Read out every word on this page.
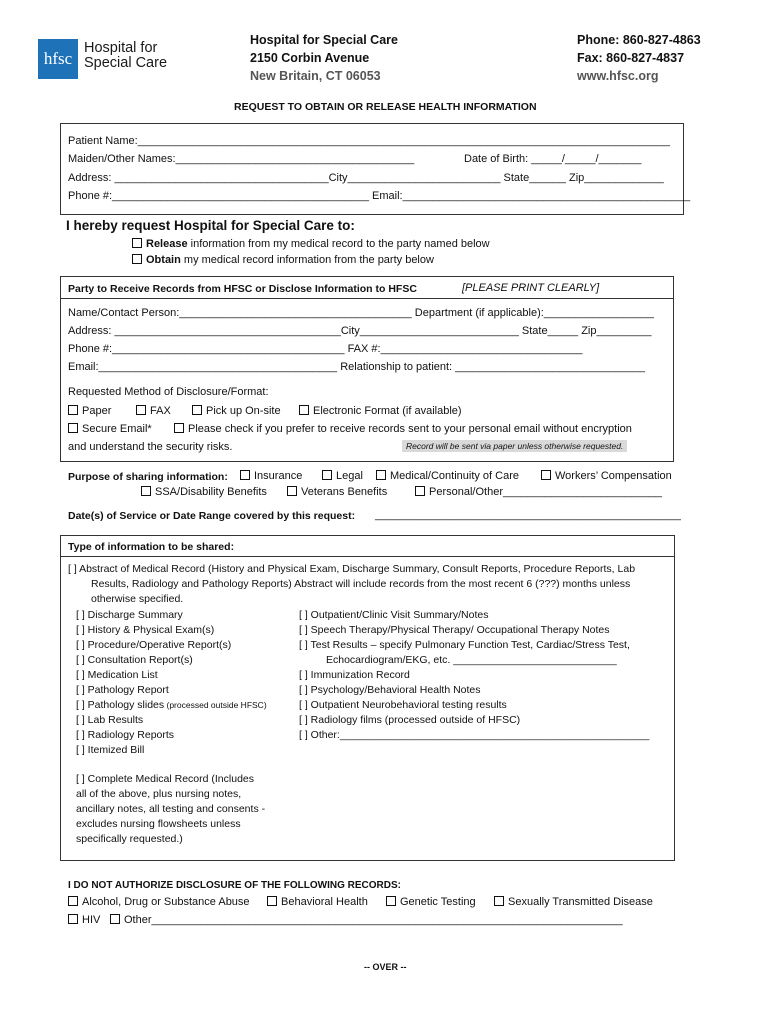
hfsc
Hospital for
Special Care
Hospital for Special Care
2150 Corbin Avenue
New Britain, CT 06053
Phone: 860-827-4863
Fax: 860-827-4837
www.hfsc.org
REQUEST TO OBTAIN OR RELEASE HEALTH INFORMATION
Patient Name:_______________________________________________________________________________________
Maiden/Other Names:_______________________________________	Date of Birth: _____/_____/_______
Address: ___________________________________City_________________________ State______ Zip_____________
Phone #:__________________________________________ Email:_______________________________________________
I hereby request Hospital for Special Care to:
Release information from my medical record to the party named below
Obtain my medical record information from the party below
Party to Receive Records from HFSC or Disclose Information to HFSC	[PLEASE PRINT CLEARLY]
Name/Contact Person:______________________________________ Department (if applicable):__________________
Address: _____________________________________City__________________________ State_____ Zip_________
Phone #:______________________________________ FAX #:_________________________________
Email:_______________________________________ Relationship to patient: _______________________________
Requested Method of Disclosure/Format:
Paper	FAX	Pick up On-site	Electronic Format (if available)
Secure Email*	Please check if you prefer to receive records sent to your personal email without encryption
and understand the security risks.	Record will be sent via paper unless otherwise requested.
Purpose of sharing information:	Insurance	Legal	Medical/Continuity of Care	Workers’ Compensation
SSA/Disability Benefits	Veterans Benefits	Personal/Other__________________________
Date(s) of Service or Date Range covered by this request: __________________________________________________
Type of information to be shared:
[ ] Abstract of Medical Record (History and Physical Exam, Discharge Summary, Consult Reports, Procedure Reports, Lab
Results, Radiology and Pathology Reports) Abstract will include records from the most recent 6 (???) months unless
otherwise specified.
[ ] Discharge Summary
[ ] History & Physical Exam(s)
[ ] Procedure/Operative Report(s)
[ ] Consultation Report(s)
[ ] Medication List
[ ] Pathology Report
[ ] Pathology slides (processed outside HFSC)
[ ] Lab Results
[ ] Radiology Reports
[ ] Itemized Bill
[ ] Outpatient/Clinic Visit Summary/Notes
[ ] Speech Therapy/Physical Therapy/ Occupational Therapy Notes
[ ] Test Results – specify Pulmonary Function Test, Cardiac/Stress Test,
Echocardiogram/EKG, etc. ____________________________
[ ] Immunization Record
[ ] Psychology/Behavioral Health Notes
[ ] Outpatient Neurobehavioral testing results
[ ] Radiology films (processed outside of HFSC)
[ ] Other:_____________________________________________________
[ ] Complete Medical Record (Includes
all of the above, plus nursing notes,
ancillary notes, all testing and consents -
excludes nursing flowsheets unless
specifically requested.)
I DO NOT AUTHORIZE DISCLOSURE OF THE FOLLOWING RECORDS:
Alcohol, Drug or Substance Abuse	Behavioral Health	Genetic Testing	Sexually Transmitted Disease
HIV	Other_____________________________________________________________________________
-- OVER --
